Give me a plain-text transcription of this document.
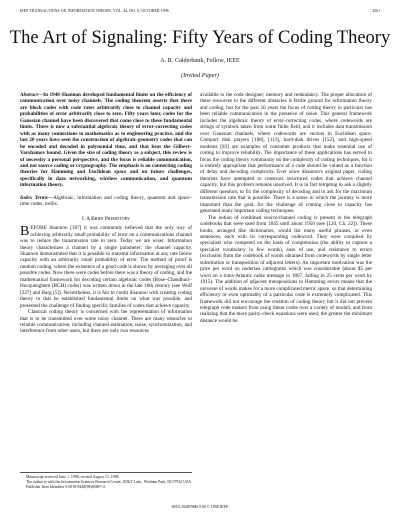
IEEE TRANSACTIONS ON INFORMATION THEORY, VOL. 44, NO. 6, OCTOBER 1998	2561
The Art of Signaling: Fifty Years of Coding Theory
A. R. Calderbank, Fellow, IEEE
(Invited Paper)

Abstract—In 1948 Shannon developed fundamental limits on the efficiency of communication over noisy channels. The coding theorem asserts that there are block codes with code rates arbitrarily close to channel capacity and probabilities of error arbitrarily close to zero. Fifty years later, codes for the Gaussian channel have been discovered that come close to these fundamental limits. There is now a substantial algebraic theory of error-correcting codes with as many connections to mathematics as to engineering practice, and the last 20 years have seen the construction of algebraic-geometry codes that can be encoded and decoded in polynomial time, and that beat the Gilbert–Varshamov bound. Given the size of coding theory as a subject, this review is of necessity a personal perspective, and the focus is reliable communication, and not source coding or cryptography. The emphasis is on connecting coding theories for Hamming and Euclidean space and on future challenges, specifically in data networking, wireless communication, and quantum information theory.

Index Terms—Algebraic, information and coding theory, quantum and space–time codes, trellis.

I. A Brief Prehistory

BEFORE Shannon [187] it was commonly believed that the only way of achieving arbitrarily small probability of error on a communications channel was to reduce the transmission rate to zero. Today we are wiser. Information theory characterizes a channel by a single parameter; the channel capacity. Shannon demonstrated that it is possible to transmit information at any rate below capacity with an arbitrarily small probability of error. The method of proof is random coding, where the existence of a good code is shown by averaging over all possible codes. Now there were codes before there was a theory of coding, and the mathematical framework for decoding certain algebraic codes (Bose–Chaudhuri–Hocquenghem (BCH) codes) was written down in the late 18th century (see Wolf [227] and Barg [5]). Nevertheless, it is fair to credit Shannon with creating coding theory in that he established fundamental limits on what was possible, and presented the challenge of finding specific families of codes that achieve capacity.

Classical coding theory is concerned with the representation of information that is to be transmitted over some noisy channel. There are many obstacles to reliable communication, including channel estimation, noise, synchronization, and interference from other users, but there are only two resources

Manuscript received June 1, 1998; revised August 15, 1998.

The author is with the Information Sciences Research Center, AT&T Labs., Florham Park, NJ 07932 USA.

Publisher Item Identifier S 0018-9448(98)05887-4.

available to the code designer; memory and redundancy. The proper allocation of these resources to the different obstacles is fertile ground for information theory and coding, but for the past 50 years the focus of coding theory in particular has been reliable communication in the presence of noise. This general framework includes the algebraic theory of error-correcting codes, where codewords are strings of symbols taken from some finite field, and it includes data transmission over Gaussian channels, where codewords are vectors in Euclidean space. Compact disk players [168], [113], hard-disk drives [152], and high-speed modems [83] are examples of consumer products that make essential use of coding to improve reliability. The importance of these applications has served to focus the coding theory community on the complexity of coding techniques, for it is entirely appropriate that performance of a code should be valued as a function of delay and decoding complexity. Ever since Shannon's original paper, coding theorists have attempted to construct structured codes that achieve channel capacity, but this problem remains unsolved. It is in fact tempting to ask a slightly different question; to fix the complexity of decoding and to ask for the maximum transmission rate that is possible. There is a sense in which the journey is more important than the goal, for the challenge of coming close to capacity has generated many important coding techniques.

The notion of combined source/channel coding is present in the telegraph codebooks that were used from 1845 until about 1950 (see [120, Ch. 22]). These books, arranged like dictionaries, would list many useful phrases, or even sentences, each with its corresponding codeword. They were compiled by specialists who competed on the basis of compression (the ability to capture a specialist vocabulary in few words), ease of use, and resistance to errors (exclusion from the codebook of words obtained from codewords by single letter substitution or transposition of adjacent letters). An important motivation was the price per word on undersea cablegrams which was considerable (about $5 per word on a trans-Atlantic cable message in 1867, falling to 25 cents per word by 1915). The addition of adjacent transpositions to Hamming errors means that the universe of words makes for a more complicated metric space, so that determining efficiency or even optimality of a particular code is extremely complicated. This framework did not encourage the creation of coding theory but it did not prevent telegraph code makers from using linear codes over a variety of moduli, and from realizing that the more parity-check equations were used, the greater the minimum distance would be.

0018–9448/98$10.00 © 1998 IEEE
